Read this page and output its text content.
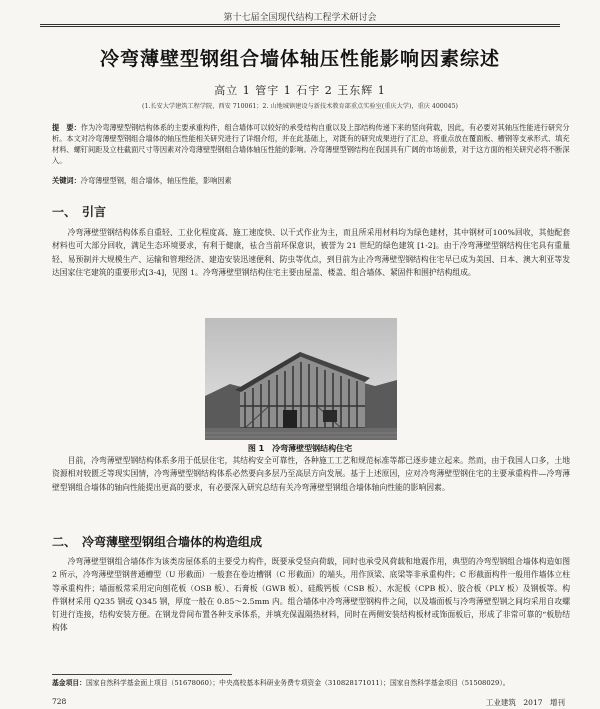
第十七届全国现代结构工程学术研讨会
冷弯薄壁型钢组合墙体轴压性能影响因素综述
高立 1 管宇 1 石宇 2 王东辉 1
(1.长安大学建筑工程学院，西安 710061；2. 山地城镇建设与新技术教育部重点实验室(重庆大学)，重庆 400045)
提　要：作为冷弯薄壁型钢结构体系的主要承重构件，组合墙体可以较好的承受结构自重以及上部结构传递下来的竖向荷载，因此，有必要对其轴压性能进行研究分析。本文对冷弯薄壁型钢组合墙体的轴压性能相关研究进行了详细介绍，并在此基础上，对既有的研究成果进行了汇总，将重点放在覆面板、槽钢等支承形式、填充材料、螺钉间距及立柱截面尺寸等因素对冷弯薄壁型钢组合墙体轴压性能的影响。冷弯薄壁型钢结构在我国具有广阔的市场前景，对于这方面的相关研究必将不断深入。
关键词：冷弯薄壁型钢，组合墙体，轴压性能，影响因素
一、　引言
冷弯薄壁型钢结构体系自重轻、工业化程度高、施工速度快、以干式作业为主，而且所采用材料均为绿色建材，其中钢材可100%回收，其他配套材料也可大部分回收，满足生态环境要求，有利于健康，袪合当前环保意识，被誉为 21 世纪的绿色建筑 [1-2]。由于冷弯薄壁型钢结构住宅具有重量轻、易预制并大规模生产、运输和管理经济、建造安装迅速便利、防虫等优点，到目前为止冷弯薄壁型钢结构住宅早已成为美国、日本、澳大利亚等发达国家住宅建筑的重要形式[3-4]，见图 1。冷弯薄壁型钢结构住宅主要由屋盖、楼盖、组合墙体、紧固件和围护结构组成。
图 1　冷弯薄壁型钢结构住宅
目前，冷弯薄壁型钢结构体系多用于低层住宅，其结构安全可靠性，各种施工工艺和规范标准等都已逐步建立起来。然而，由于我国人口多，土地资源相对较匮乏等现实国情，冷弯薄壁型钢结构体系必然要向多层乃至高层方向发展。基于上述原因，应对冷弯薄壁型钢住宅的主要承重构件—冷弯薄壁型钢组合墙体的轴向性能提出更高的要求，有必要深入研究总结有关冷弯薄壁型钢组合墙体轴向性能的影响因素。
二、　冷弯薄壁型钢组合墙体的构造组成
冷弯薄壁型钢组合墙体作为该类房屋体系的主要受力构件，既要承受竖向荷载，同时也承受风荷载和地震作用，典型的冷弯型钢组合墙体构造如图 2 所示，冷弯薄壁型钢普通槽型（U 形截面）一般套在卷边槽钢（C 形截面）的端头，用作顶梁、底梁等非承重构件；C 形截面构件一般用作墙体立柱等承重构件；墙面板常采用定向刨花板（OSB 板）、石膏板（GWB 板）、硅酸钙板（CSB 板）、水泥板（CPB 板）、胶合板（PLY 板）及钢板等。构件钢材采用 Q235 钢或 Q345 钢，厚度一般在 0.85～2.5mm 内。组合墙体中冷弯薄壁型钢构件之间，以及墙面板与冷弯薄壁型钢之间均采用自攻螺钉进行连接，结构安装方便。在钢龙骨间布置各种支承体系，并填充保温隔热材料，同时在两侧安装结构板材或饰面板后，形成了非常可靠的“板肋结构体
基金项目：国家自然科学基金面上项目（51678060）；中央高校基本科研业务费专项资金（310828171011）；国家自然科学基金项目（51508029）。
728	工业建筑　2017　增刊
